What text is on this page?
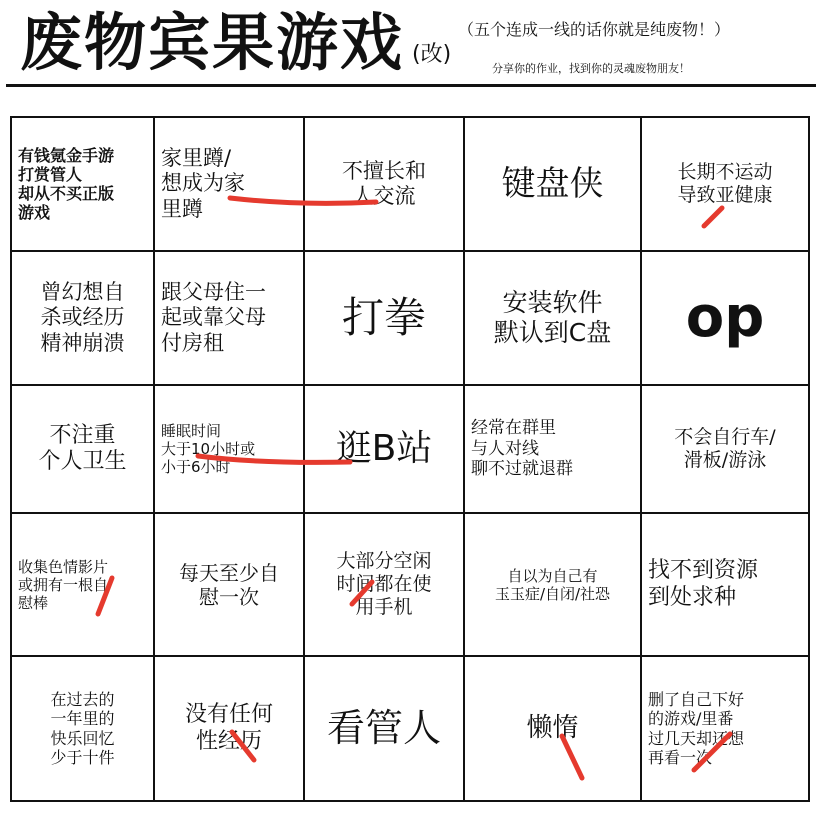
废物宾果游戏 (改)
（五个连成一线的话你就是纯废物！）
分享你的作业，找到你的灵魂废物朋友！
有钱氪金手游
打赏管人
却从不买正版
游戏
家里蹲/
想成为家
里蹲
不擅长和
人交流	键盘侠	长期不运动
导致亚健康
曾幻想自
杀或经历
精神崩溃
跟父母住一
起或靠父母
付房租
打拳	安装软件
默认到C盘	op
不注重
个人卫生
睡眠时间
大于10小时或
小于6小时	逛B站	经常在群里
与人对线
聊不过就退群
不会自行车/
滑板/游泳
收集色情影片
或拥有一根自
慰棒
每天至少自
慰一次
大部分空闲
时间都在使
用手机
自以为自己有
玉玉症/自闭/社恐
找不到资源
到处求种
在过去的
一年里的
快乐回忆
少于十件
没有任何
性经历	看管人	懒惰
删了自己下好
的游戏/里番
过几天却还想
再看一次
